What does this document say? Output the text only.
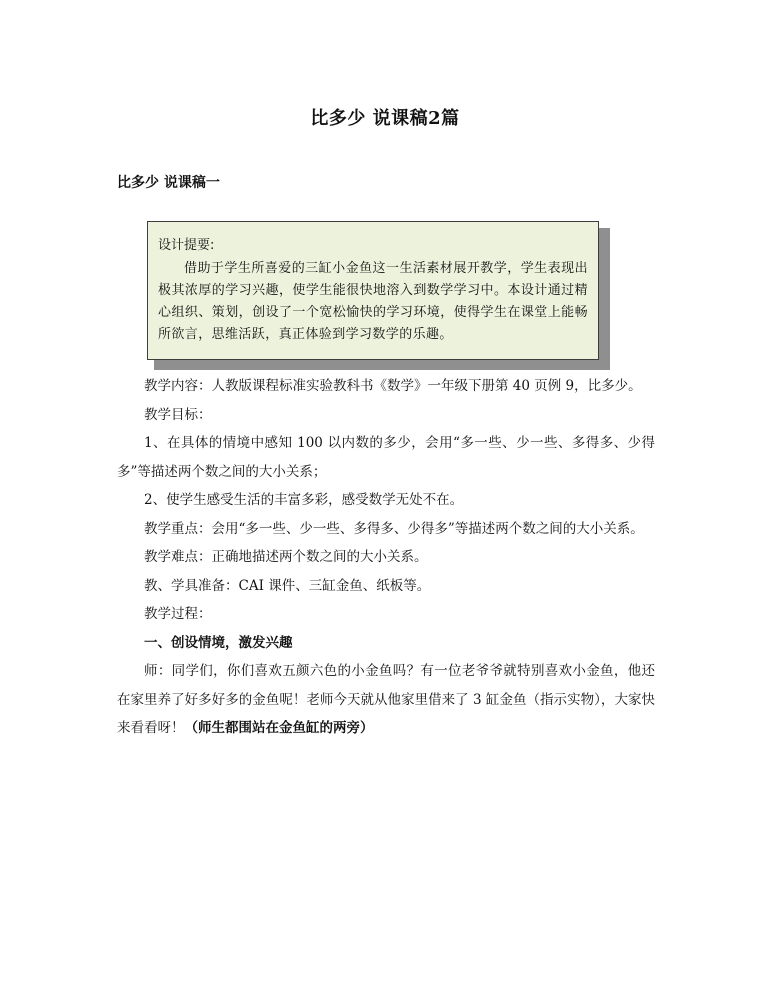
比多少 说课稿2篇
比多少 说课稿一
设计提要:
借助于学生所喜爱的三缸小金鱼这一生活素材展开教学，学生表现出极其浓厚的学习兴趣，使学生能很快地溶入到数学学习中。本设计通过精心组织、策划，创设了一个宽松愉快的学习环境，使得学生在课堂上能畅所欲言，思维活跃，真正体验到学习数学的乐趣。

教学内容：人教版课程标准实验教科书《数学》一年级下册第 40 页例 9，比多少。

教学目标：

1、在具体的情境中感知 100 以内数的多少，会用“多一些、少一些、多得多、少得多”等描述两个数之间的大小关系；

2、使学生感受生活的丰富多彩，感受数学无处不在。

教学重点：会用“多一些、少一些、多得多、少得多”等描述两个数之间的大小关系。

教学难点：正确地描述两个数之间的大小关系。

教、学具准备：CAI 课件、三缸金鱼、纸板等。

教学过程：

一、创设情境，激发兴趣

师：同学们，你们喜欢五颜六色的小金鱼吗？有一位老爷爷就特别喜欢小金鱼，他还在家里养了好多好多的金鱼呢！老师今天就从他家里借来了 3 缸金鱼（指示实物），大家快来看看呀！（师生都围站在金鱼缸的两旁）
